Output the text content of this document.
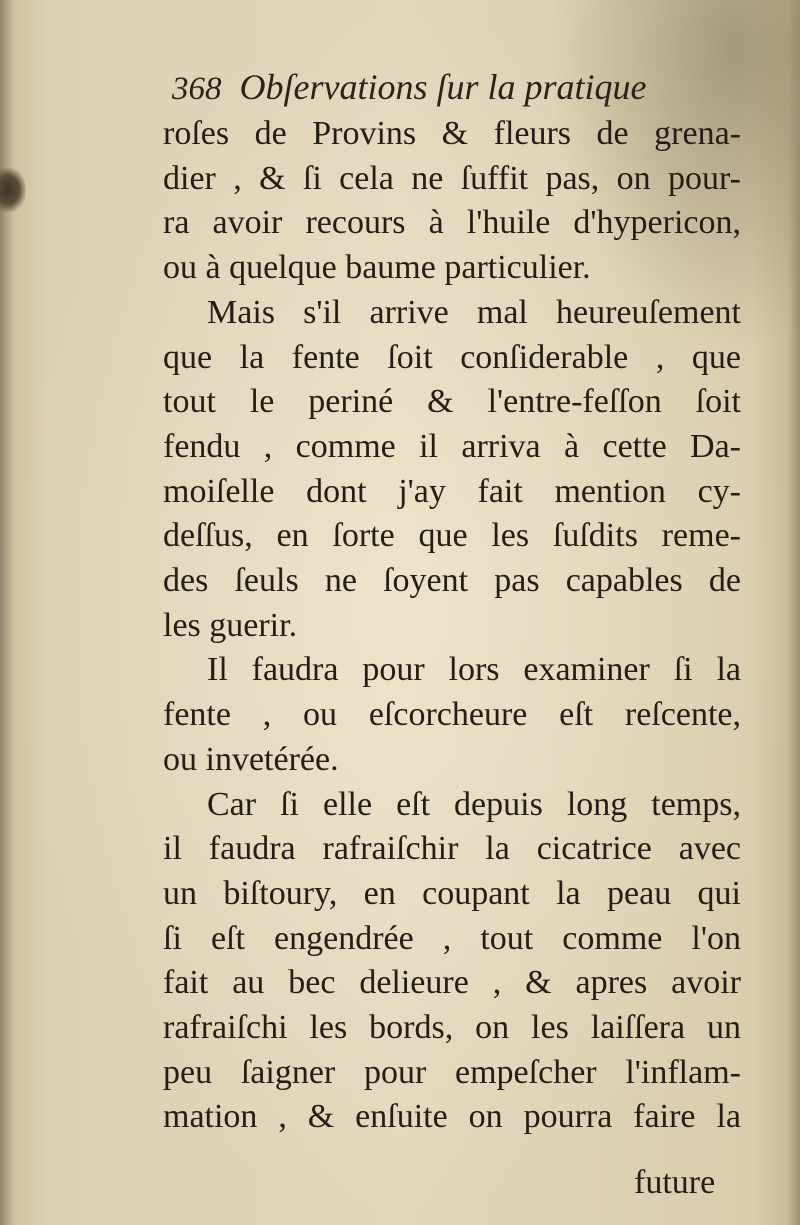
368 Obſervations ſur la pratique
roſes de Provins & fleurs de grena-
dier , & ſi cela ne ſuffit pas, on pour-
ra avoir recours à l'huile d'hypericon,
ou à quelque baume particulier.
Mais s'il arrive mal heureuſement
que la fente ſoit conſiderable , que
tout le periné & l'entre-feſſon ſoit
fendu , comme il arriva à cette Da-
moiſelle dont j'ay fait mention cy-
deſſus, en ſorte que les ſuſdits reme-
des ſeuls ne ſoyent pas capables de
les guerir.
Il faudra pour lors examiner ſi la
fente , ou eſcorcheure eſt reſcente,
ou invetérée.
Car ſi elle eſt depuis long temps,
il faudra rafraiſchir la cicatrice avec
un biſtoury, en coupant la peau qui
ſi eſt engendrée , tout comme l'on
fait au bec delieure , & apres avoir
rafraiſchi les bords, on les laiſſera un
peu ſaigner pour empeſcher l'inflam-
mation , & enſuite on pourra faire la
future
